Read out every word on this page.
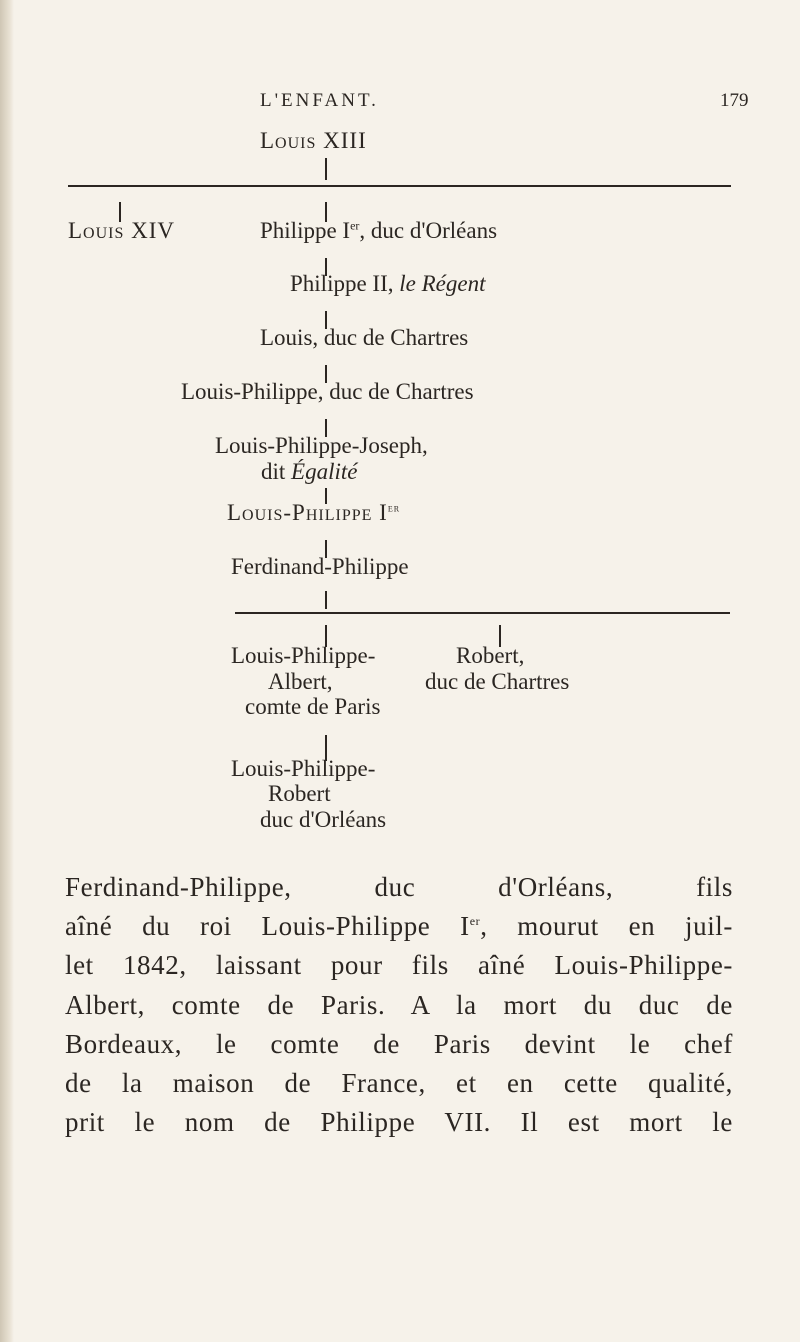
L'ENFANT.	179
Louis XIII
Louis XIV	Philippe Ier, duc d'Orléans
Philippe II, le Régent
Louis, duc de Chartres
Louis-Philippe, duc de Chartres
Louis-Philippe-Joseph,
dit Égalité
Louis-Philippe Ier
Ferdinand-Philippe
Louis-Philippe-
Albert,
comte de Paris
Robert,
duc de Chartres
Louis-Philippe-
Robert
duc d'Orléans
Ferdinand-Philippe, duc d'Orléans, fils
aîné du roi Louis-Philippe Ier, mourut en juil-
let 1842, laissant pour fils aîné Louis-Philippe-
Albert, comte de Paris. A la mort du duc de
Bordeaux, le comte de Paris devint le chef
de la maison de France, et en cette qualité,
prit le nom de Philippe VII. Il est mort le
